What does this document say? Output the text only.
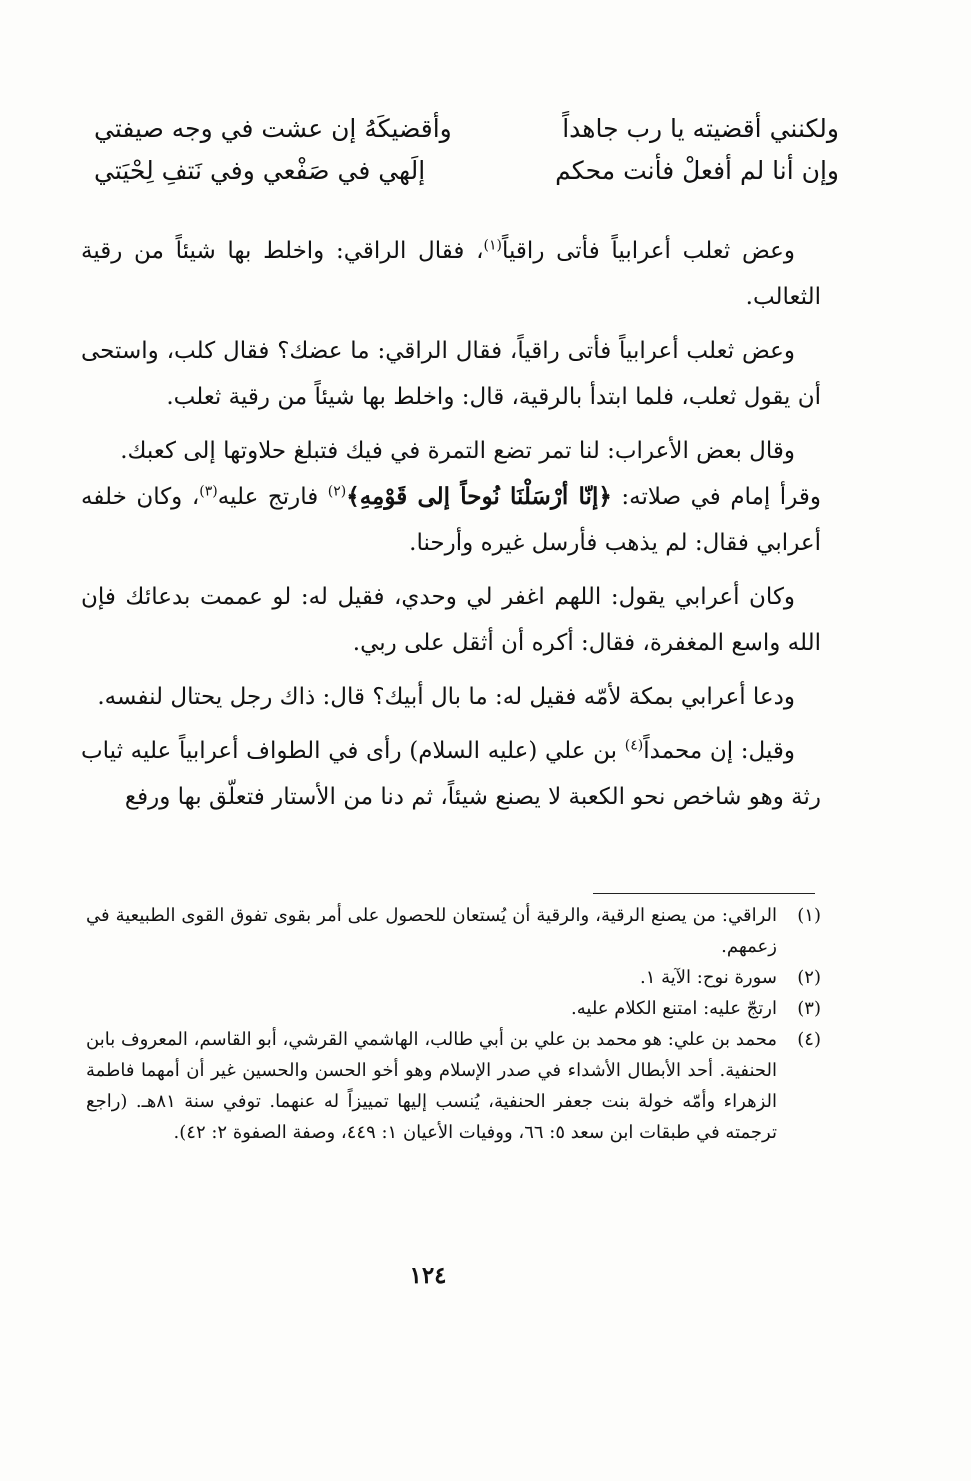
ولكنني أقضيته يا رب جاهداً
وأقضيكَهُ إن عشت في وجه صيفتي
وإن أنا لم أفعلْ فأنت محكم
إلَهي في صَفْعي وفي نَتفِ لِحْيَتي

وعض ثعلب أعرابياً فأتى راقياً$^{(١)}$، فقال الراقي: واخلط بها شيئاً من رقية الثعالب.

وعض ثعلب أعرابياً فأتى راقياً، فقال الراقي: ما عضك؟ فقال كلب، واستحى أن يقول ثعلب، فلما ابتدأ بالرقية، قال: واخلط بها شيئاً من رقية ثعلب.

وقال بعض الأعراب: لنا تمر تضع التمرة في فيك فتبلغ حلاوتها إلى كعبك.
وقرأ إمام في صلاته: ﴿إنّا أرْسَلْنَا نُوحاً إلى قَوْمِهِ﴾$^{(٢)}$ فارتج عليه$^{(٣)}$، وكان خلفه أعرابي فقال: لم يذهب فأرسل غيره وأرحنا.

وكان أعرابي يقول: اللهم اغفر لي وحدي، فقيل له: لو عممت بدعائك فإن الله واسع المغفرة، فقال: أكره أن أثقل على ربي.

ودعا أعرابي بمكة لأمّه فقيل له: ما بال أبيك؟ قال: ذاك رجل يحتال لنفسه.

وقيل: إن محمداً$^{(٤)}$ بن علي (عليه السلام) رأى في الطواف أعرابياً عليه ثياب رثة وهو شاخص نحو الكعبة لا يصنع شيئاً، ثم دنا من الأستار فتعلّق بها ورفع

(١)
الراقي: من يصنع الرقية، والرقية أن يُستعان للحصول على أمر بقوى تفوق القوى الطبيعية في زعمهم.
(٢)
سورة نوح: الآية ١.
(٣)
ارتجّ عليه: امتنع الكلام عليه.
(٤)
محمد بن علي: هو محمد بن علي بن أبي طالب، الهاشمي القرشي، أبو القاسم، المعروف بابن الحنفية. أحد الأبطال الأشداء في صدر الإسلام وهو أخو الحسن والحسين غير أن أمهما فاطمة الزهراء وأمّه خولة بنت جعفر الحنفية، يُنسب إليها تمييزاً له عنهما. توفي سنة ٨١هـ. (راجع ترجمته في طبقات ابن سعد ٥: ٦٦، ووفيات الأعيان ١: ٤٤٩، وصفة الصفوة ٢: ٤٢).
١٢٤
